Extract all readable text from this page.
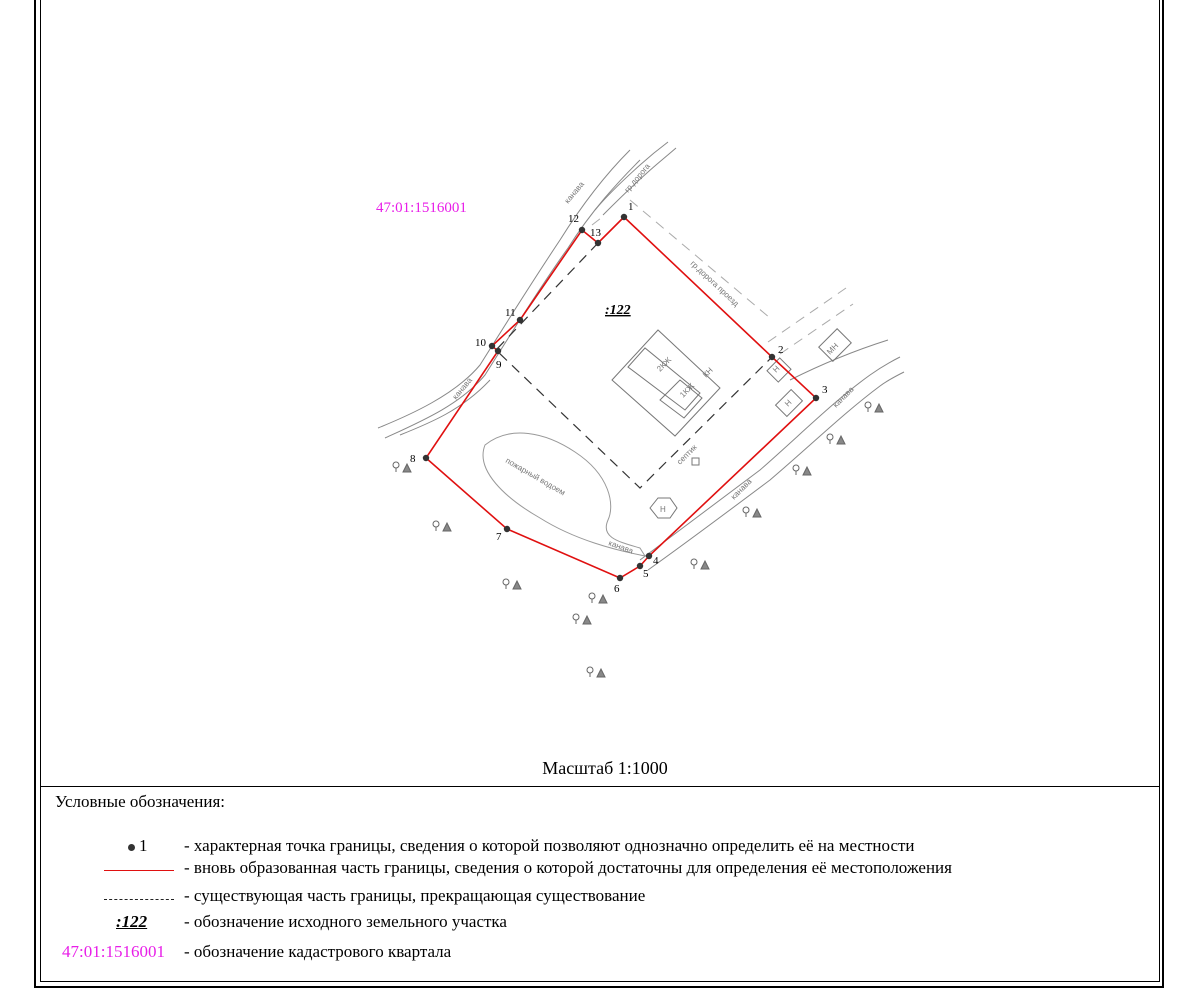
1
2
3
4
5
6
7
8
9
10
11
12
13
47:01:1516001
:122
гр.дорога
гр.дорога проезд
канава
канава	канава
канава
канава
пожарный водоем
септик
2КЖ
1КЖ
Н
Н
Н
МН
КН
Масштаб 1:1000
Условные обозначения:
1 - характерная точка границы, сведения о которой позволяют однозначно определить её на местности
- вновь образованная часть границы, сведения о которой достаточны для определения её местоположения
- существующая часть границы, прекращающая существование
:122 - обозначение исходного земельного участка
47:01:1516001 - обозначение кадастрового квартала
